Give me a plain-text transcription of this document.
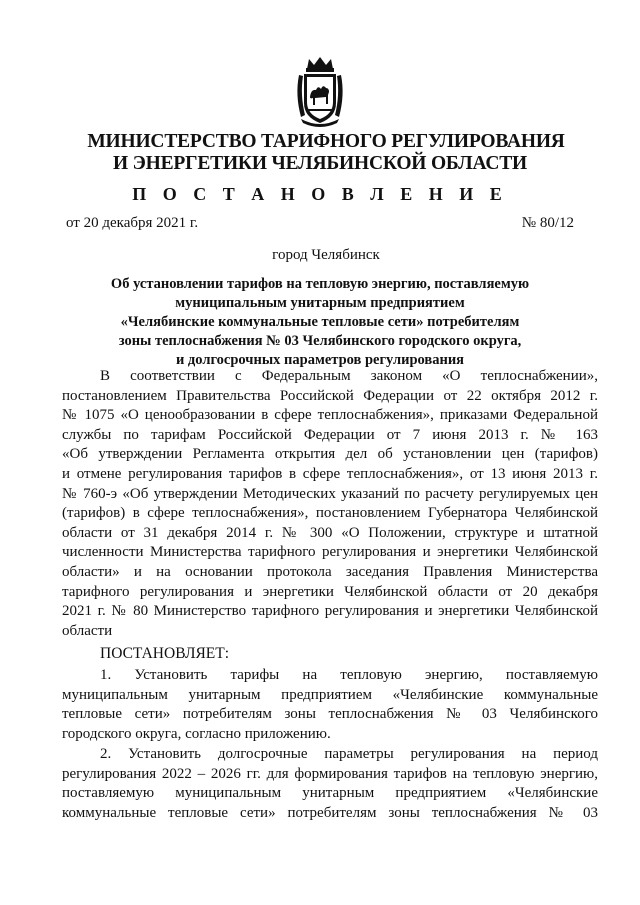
МИНИСТЕРСТВО ТАРИФНОГО РЕГУЛИРОВАНИЯ
И ЭНЕРГЕТИКИ ЧЕЛЯБИНСКОЙ ОБЛАСТИ
П О С Т А Н О В Л Е Н И Е
от 20 декабря 2021 г.	№ 80/12
город Челябинск
Об установлении тарифов на тепловую энергию, поставляемую
муниципальным унитарным предприятием
«Челябинские коммунальные тепловые сети» потребителям
зоны теплоснабжения № 03 Челябинского городского округа,
и долгосрочных параметров регулирования
В соответствии с Федеральным законом «О теплоснабжении»,
постановлением Правительства Российской Федерации от 22 октября 2012 г.
№ 1075 «О ценообразовании в сфере теплоснабжения», приказами Федеральной
службы по тарифам Российской Федерации от 7 июня 2013 г. № 163
«Об утверждении Регламента открытия дел об установлении цен (тарифов)
и отмене регулирования тарифов в сфере теплоснабжения», от 13 июня 2013 г.
№ 760-э «Об утверждении Методических указаний по расчету регулируемых цен
(тарифов) в сфере теплоснабжения», постановлением Губернатора Челябинской
области от 31 декабря 2014 г. № 300 «О Положении, структуре и штатной
численности Министерства тарифного регулирования и энергетики Челябинской
области» и на основании протокола заседания Правления Министерства
тарифного регулирования и энергетики Челябинской области от 20 декабря
2021 г. № 80 Министерство тарифного регулирования и энергетики Челябинской
области
ПОСТАНОВЛЯЕТ:
1. Установить тарифы на тепловую энергию, поставляемую
муниципальным унитарным предприятием «Челябинские коммунальные
тепловые сети» потребителям зоны теплоснабжения № 03 Челябинского
городского округа, согласно приложению.
2. Установить долгосрочные параметры регулирования на период
регулирования 2022 – 2026 гг. для формирования тарифов на тепловую энергию,
поставляемую муниципальным унитарным предприятием «Челябинские
коммунальные тепловые сети» потребителям зоны теплоснабжения № 03
